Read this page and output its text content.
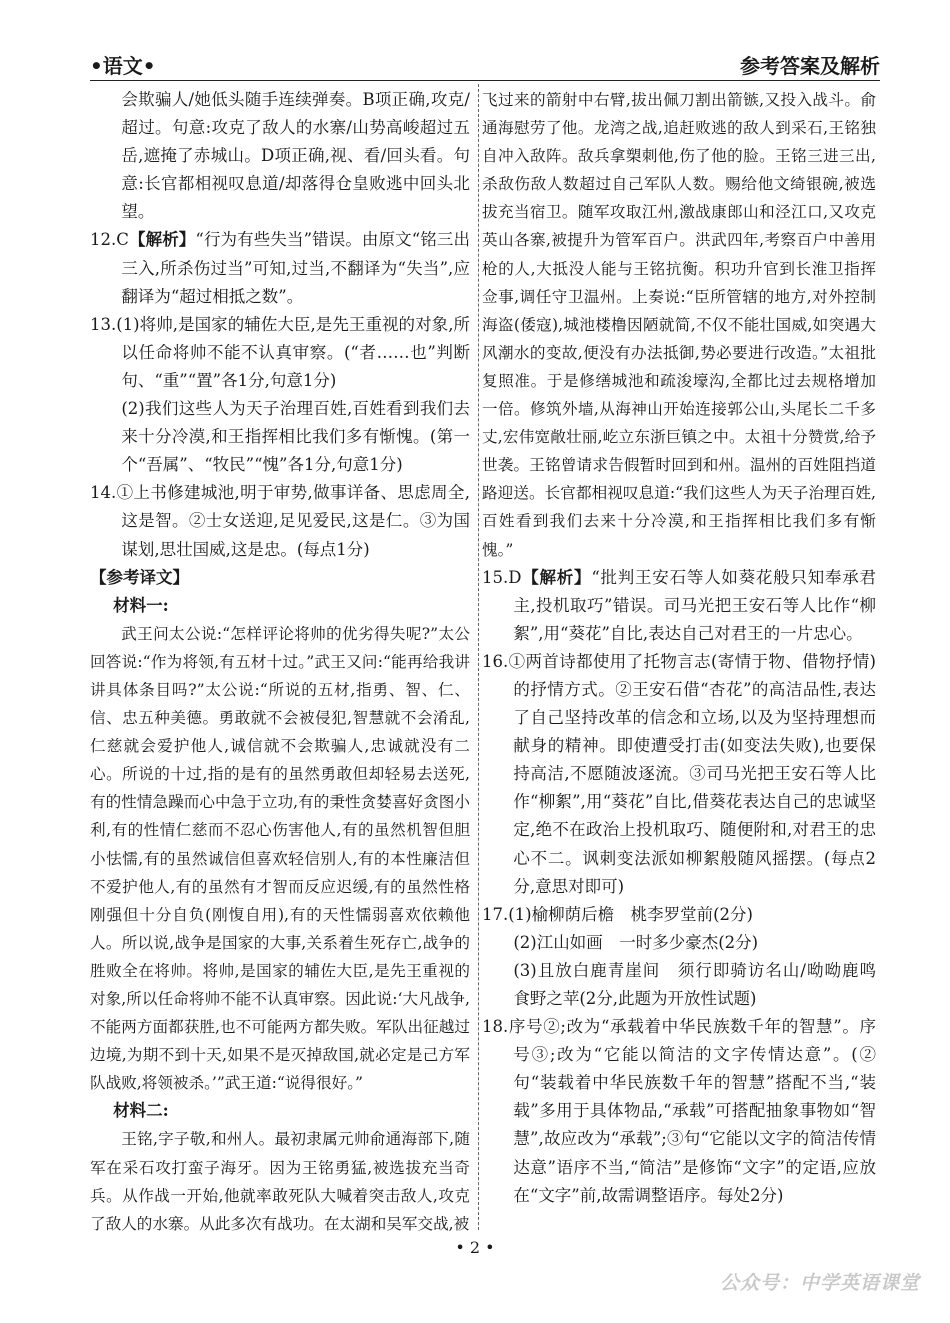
•语文•	参考答案及解析

会欺骗人/她低头随手连续弹奏。B项正确,攻克/超过。句意:攻克了敌人的水寨/山势高峻超过五岳,遮掩了赤城山。D项正确,视、看/回头看。句意:长官都相视叹息道/却落得仓皇败逃中回头北望。

12.C【解析】“行为有些失当”错误。由原文“铭三出三入,所杀伤过当”可知,过当,不翻译为“失当”,应翻译为“超过相抵之数”。

13.(1)将帅,是国家的辅佐大臣,是先王重视的对象,所以任命将帅不能不认真审察。(“者……也”判断句、“重”“置”各1分,句意1分)

(2)我们这些人为天子治理百姓,百姓看到我们去来十分冷漠,和王指挥相比我们多有惭愧。(第一个“吾属”、“牧民”“愧”各1分,句意1分)

14.①上书修建城池,明于审势,做事详备、思虑周全,这是智。②士女送迎,足见爱民,这是仁。③为国谋划,思壮国威,这是忠。(每点1分)

【参考译文】

材料一:

武王问太公说:“怎样评论将帅的优劣得失呢?”太公回答说:“作为将领,有五材十过。”武王又问:“能再给我讲讲具体条目吗?”太公说:“所说的五材,指勇、智、仁、信、忠五种美德。勇敢就不会被侵犯,智慧就不会淆乱,仁慈就会爱护他人,诚信就不会欺骗人,忠诚就没有二心。所说的十过,指的是有的虽然勇敢但却轻易去送死,有的性情急躁而心中急于立功,有的秉性贪婪喜好贪图小利,有的性情仁慈而不忍心伤害他人,有的虽然机智但胆小怯懦,有的虽然诚信但喜欢轻信别人,有的本性廉洁但不爱护他人,有的虽然有才智而反应迟缓,有的虽然性格刚强但十分自负(刚愎自用),有的天性懦弱喜欢依赖他人。所以说,战争是国家的大事,关系着生死存亡,战争的胜败全在将帅。将帅,是国家的辅佐大臣,是先王重视的对象,所以任命将帅不能不认真审察。因此说:‘大凡战争,不能两方面都获胜,也不可能两方都失败。军队出征越过边境,为期不到十天,如果不是灭掉敌国,就必定是己方军队战败,将领被杀。’”武王道:“说得很好。”

材料二:

王铭,字子敬,和州人。最初隶属元帅俞通海部下,随军在采石攻打蛮子海牙。因为王铭勇猛,被选拔充当奇兵。从作战一开始,他就率敢死队大喊着突击敌人,攻克了敌人的水寨。从此多次有战功。在太湖和吴军交战,被

飞过来的箭射中右臂,拔出佩刀割出箭镞,又投入战斗。俞通海慰劳了他。龙湾之战,追赶败逃的敌人到采石,王铭独自冲入敌阵。敌兵拿槊刺他,伤了他的脸。王铭三进三出,杀敌伤敌人数超过自己军队人数。赐给他文绮银碗,被选拔充当宿卫。随军攻取江州,激战康郎山和泾江口,又攻克英山各寨,被提升为管军百户。洪武四年,考察百户中善用枪的人,大抵没人能与王铭抗衡。积功升官到长淮卫指挥佥事,调任守卫温州。上奏说:“臣所管辖的地方,对外控制海盗(倭寇),城池楼橹因陋就简,不仅不能壮国威,如突遇大风潮水的变故,便没有办法抵御,势必要进行改造。”太祖批复照准。于是修缮城池和疏浚壕沟,全都比过去规格增加一倍。修筑外墙,从海神山开始连接郭公山,头尾长二千多丈,宏伟宽敞壮丽,屹立东浙巨镇之中。太祖十分赞赏,给予世袭。王铭曾请求告假暂时回到和州。温州的百姓阻挡道路迎送。长官都相视叹息道:“我们这些人为天子治理百姓,百姓看到我们去来十分冷漠,和王指挥相比我们多有惭愧。”

15.D【解析】“批判王安石等人如葵花般只知奉承君主,投机取巧”错误。司马光把王安石等人比作“柳絮”,用“葵花”自比,表达自己对君王的一片忠心。

16.①两首诗都使用了托物言志(寄情于物、借物抒情)的抒情方式。②王安石借“杏花”的高洁品性,表达了自己坚持改革的信念和立场,以及为坚持理想而献身的精神。即使遭受打击(如变法失败),也要保持高洁,不愿随波逐流。③司马光把王安石等人比作“柳絮”,用“葵花”自比,借葵花表达自己的忠诚坚定,绝不在政治上投机取巧、随便附和,对君王的忠心不二。讽刺变法派如柳絮般随风摇摆。(每点2分,意思对即可)

17.(1)榆柳荫后檐　桃李罗堂前(2分)

(2)江山如画　一时多少豪杰(2分)

(3)且放白鹿青崖间　须行即骑访名山/呦呦鹿鸣　食野之苹(2分,此题为开放性试题)

18.序号②;改为“承载着中华民族数千年的智慧”。序号③;改为“它能以简洁的文字传情达意”。(②句“装载着中华民族数千年的智慧”搭配不当,“装载”多用于具体物品,“承载”可搭配抽象事物如“智慧”,故应改为“承载”;③句“它能以文字的简洁传情达意”语序不当,“简洁”是修饰“文字”的定语,应放在“文字”前,故需调整语序。每处2分)

• 2 •
公众号：中学英语课堂
